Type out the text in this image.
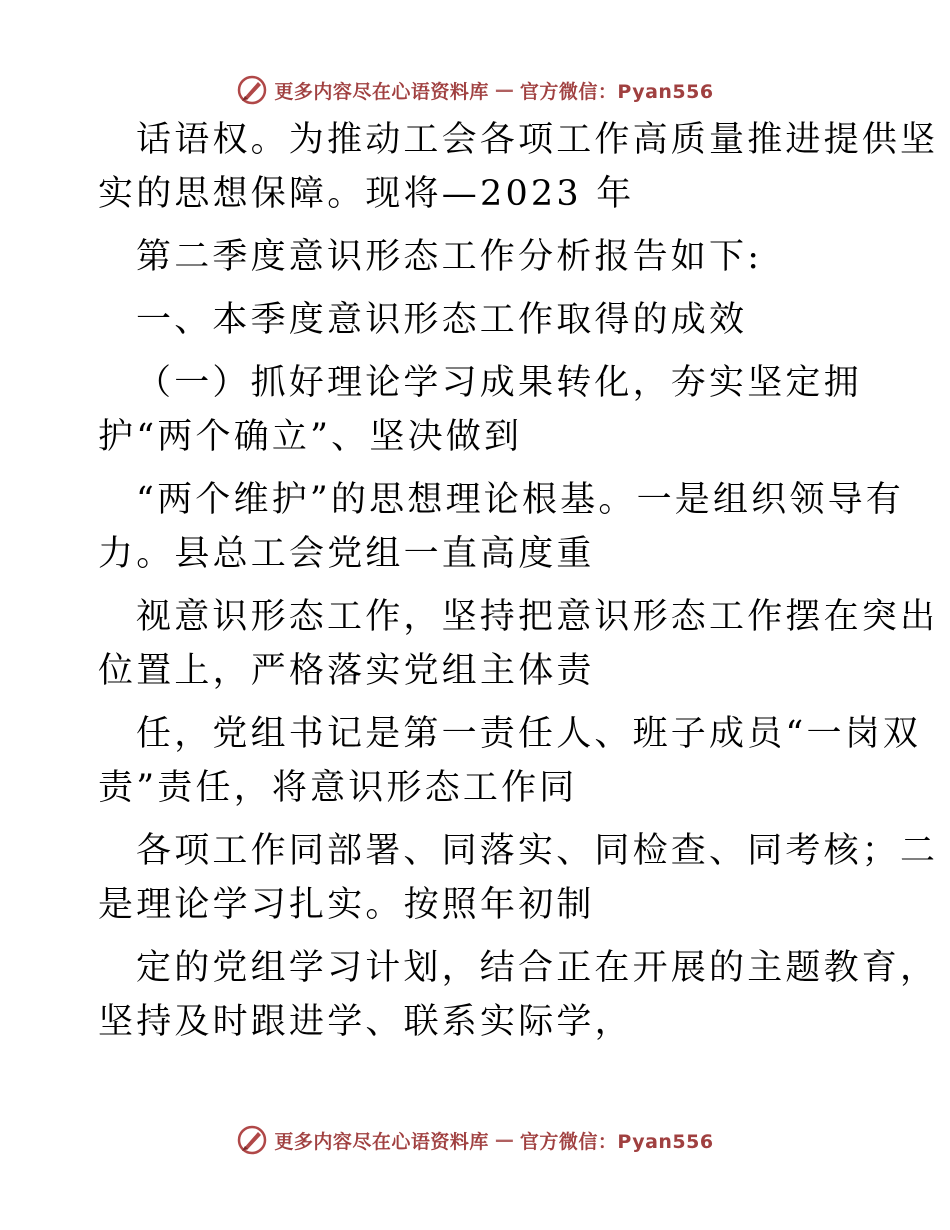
更多内容尽在心语资料库 — 官方微信：Pyan556
话语权。为推动工会各项工作高质量推进提供坚
实的思想保障。现将—2023 年
第二季度意识形态工作分析报告如下:
一、本季度意识形态工作取得的成效
（一）抓好理论学习成果转化，夯实坚定拥
护“两个确立”、坚决做到
“两个维护”的思想理论根基。一是组织领导有
力。县总工会党组一直高度重
视意识形态工作，坚持把意识形态工作摆在突出
位置上，严格落实党组主体责
任，党组书记是第一责任人、班子成员“一岗双
责”责任，将意识形态工作同
各项工作同部署、同落实、同检查、同考核；二
是理论学习扎实。按照年初制
定的党组学习计划，结合正在开展的主题教育，
坚持及时跟进学、联系实际学，
更多内容尽在心语资料库 — 官方微信：Pyan556
